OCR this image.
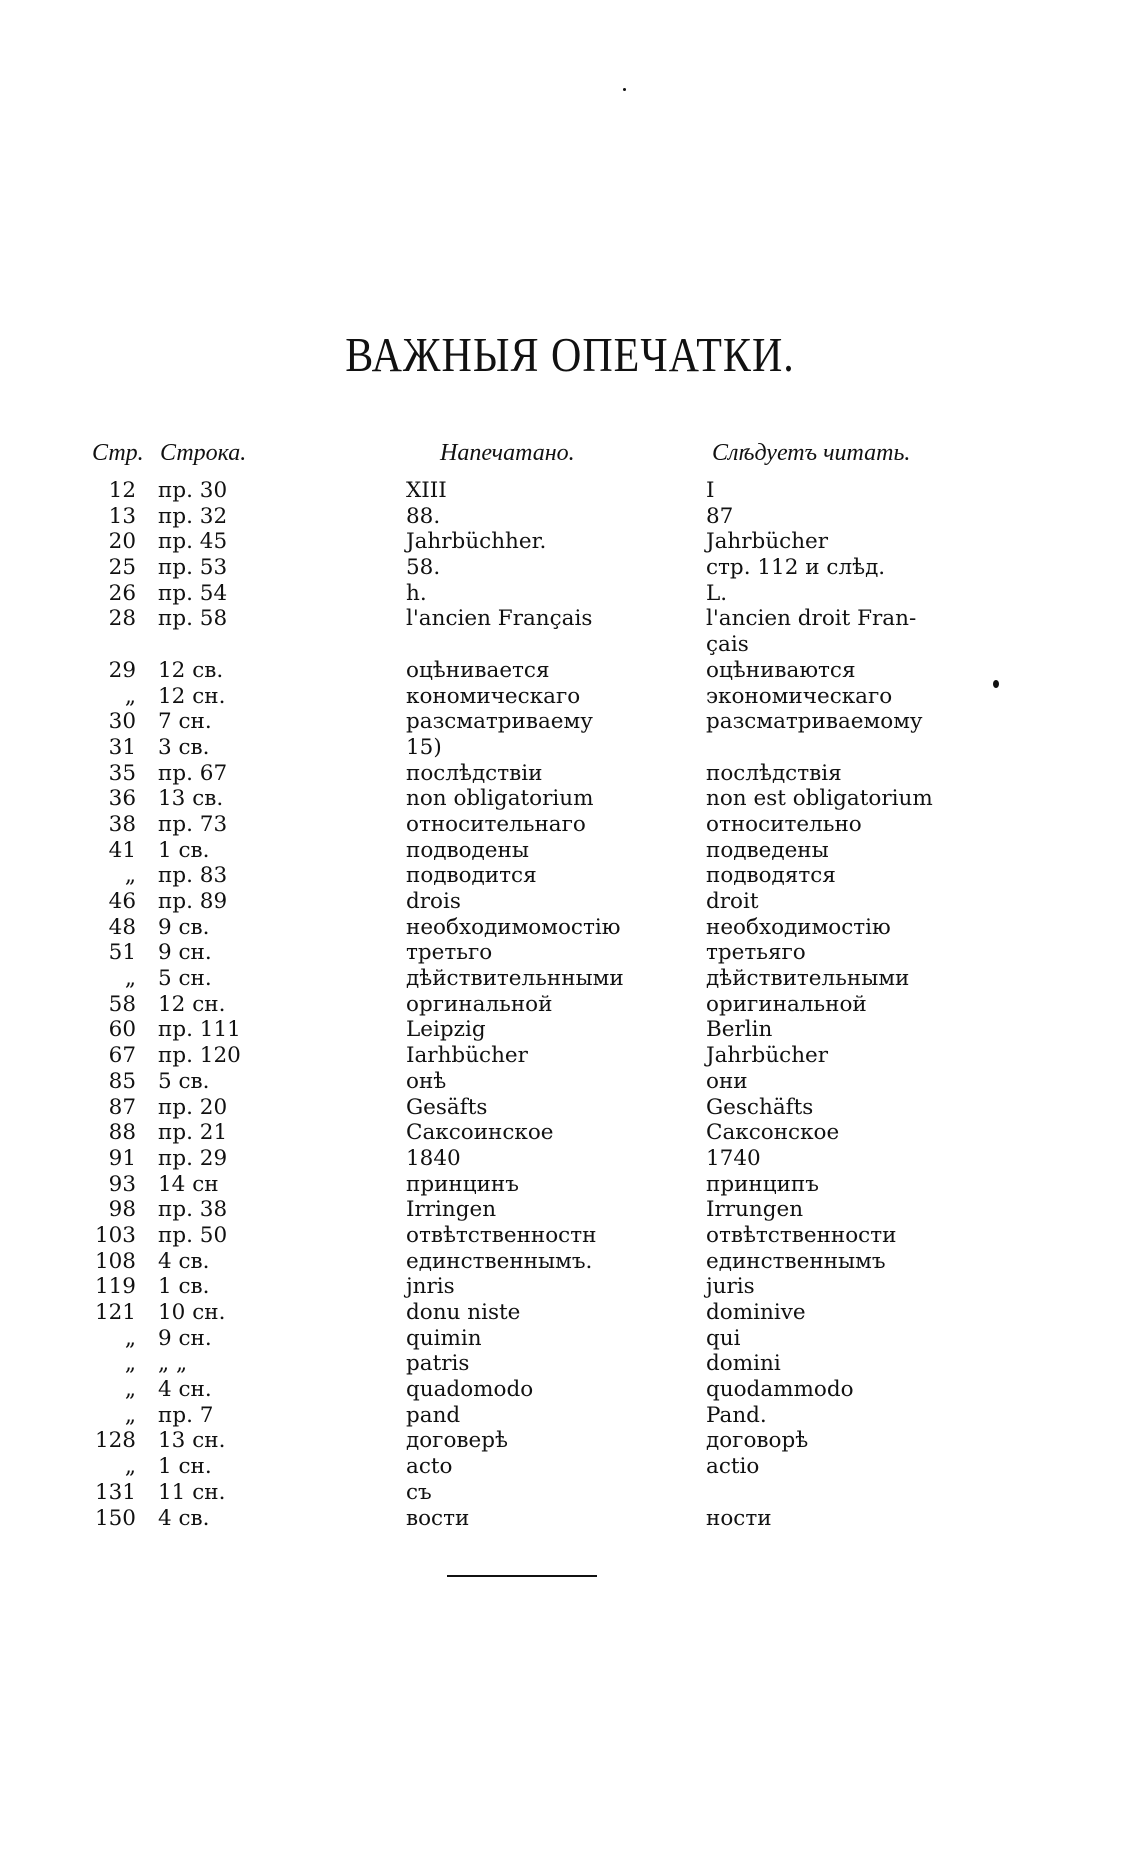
ВАЖНЫЯ ОПЕЧАТКИ.
Стр. Строка.	Напечатано.	Слѣдуетъ читать.
12 пр. 30	XIII	I
13 пр. 32	88.	87
20 пр. 45	Jahrbüchher.	Jahrbücher
25 пр. 53	58.	стр. 112 и слѣд.
26 пр. 54	h.	L.
28 пр. 58	l'ancien Français	l'ancien droit Fran- çais
29 12 св.	оцѣнивается	оцѣниваются
„ 12 сн.	кономическаго	экономическаго
30 7 сн.	разсматриваему	разсматриваемому
31 3 св.	15)
35 пр. 67	послѣдствіи	послѣдствія
36 13 св.	non obligatorium	non est obligatorium
38 пр. 73	относительнаго	относительно
41 1 св.	подводены	подведены
„ пр. 83	подводится	подводятся
46 пр. 89	drois	droit
48 9 св.	необходимомостію	необходимостію
51 9 сн.	третьго	третьяго
„ 5 сн.	дѣйствительнными	дѣйствительными
58 12 сн.	оргинальной	оригинальной
60 пр. 111	Leipzig	Berlin
67 пр. 120	Iarhbücher	Jahrbücher
85 5 св.	онѣ	они
87 пр. 20	Gesäfts	Geschäfts
88 пр. 21	Саксоинское	Саксонское
91 пр. 29	1840	1740
93 14 сн	принцинъ	принципъ
98 пр. 38	Irringen	Irrungen
103 пр. 50	отвѣтственностн	отвѣтственности
108 4 св.	единственнымъ.	единственнымъ
119 1 св.	jnris	juris
121 10 сн.	donu niste	dominive
„ 9 сн.	quimin	qui
„ „ „	patris	domini
„ 4 сн.	quadomodo	quodammodo
„ пр. 7	pand	Pand.
128 13 сн.	договерѣ	договорѣ
„ 1 сн.	acto	actio
131 11 сн.	съ
150 4 св.	вости	ности
